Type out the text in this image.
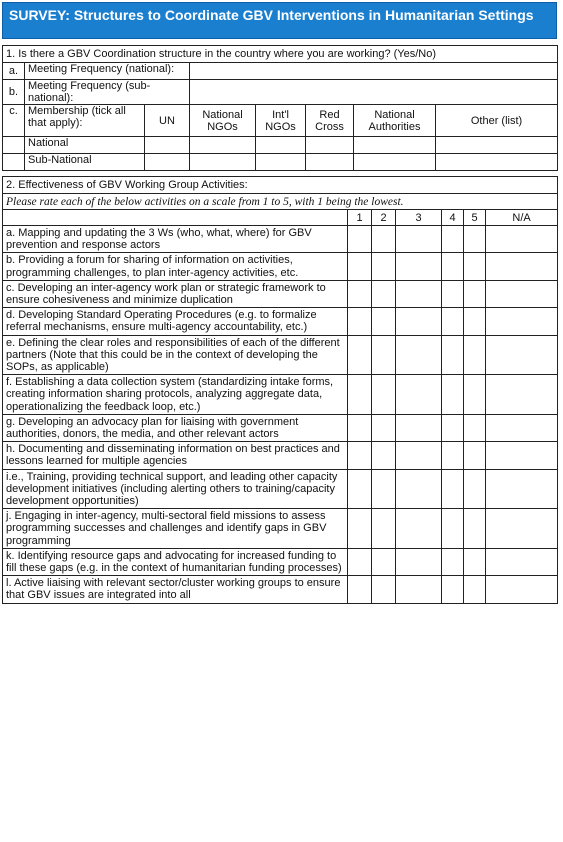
SURVEY: Structures to Coordinate GBV Interventions in Humanitarian Settings
1. Is there a GBV Coordination structure in the country where you are working? (Yes/No)							
a.	Meeting Frequency (national):						
b.	Meeting Frequency (sub-national):						
c.	Membership (tick all that apply):	UN	National NGOs	Int'l NGOs	Red Cross	National Authorities	Other (list)
	National						
	Sub-National						
2. Effectiveness of GBV Working Group Activities:						
Please rate each of the below activities on a scale from 1 to 5, with 1 being the lowest.						
	1	2	3	4	5	N/A
a. Mapping and updating the 3 Ws (who, what, where) for GBV prevention and response actors						
b. Providing a forum for sharing of information on activities, programming challenges, to plan inter-agency activities, etc.						
c. Developing an inter-agency work plan or strategic framework to ensure cohesiveness and minimize duplication						
d. Developing Standard Operating Procedures (e.g. to formalize referral mechanisms, ensure multi-agency accountability, etc.)						
e. Defining the clear roles and responsibilities of each of the different partners (Note that this could be in the context of developing the SOPs, as applicable)						
f. Establishing a data collection system (standardizing intake forms, creating information sharing protocols, analyzing aggregate data, operationalizing the feedback loop, etc.)						
g. Developing an advocacy plan for liaising with government authorities, donors, the media, and other relevant actors						
h. Documenting and disseminating information on best practices and lessons learned for multiple agencies						
i.e., Training, providing technical support, and leading other capacity development initiatives (including alerting others to training/capacity development opportunities)						
j. Engaging in inter-agency, multi-sectoral field missions to assess programming successes and challenges and identify gaps in GBV programming						
k. Identifying resource gaps and advocating for increased funding to fill these gaps (e.g. in the context of humanitarian funding processes)						
l. Active liaising with relevant sector/cluster working groups to ensure that GBV issues are integrated into all						
